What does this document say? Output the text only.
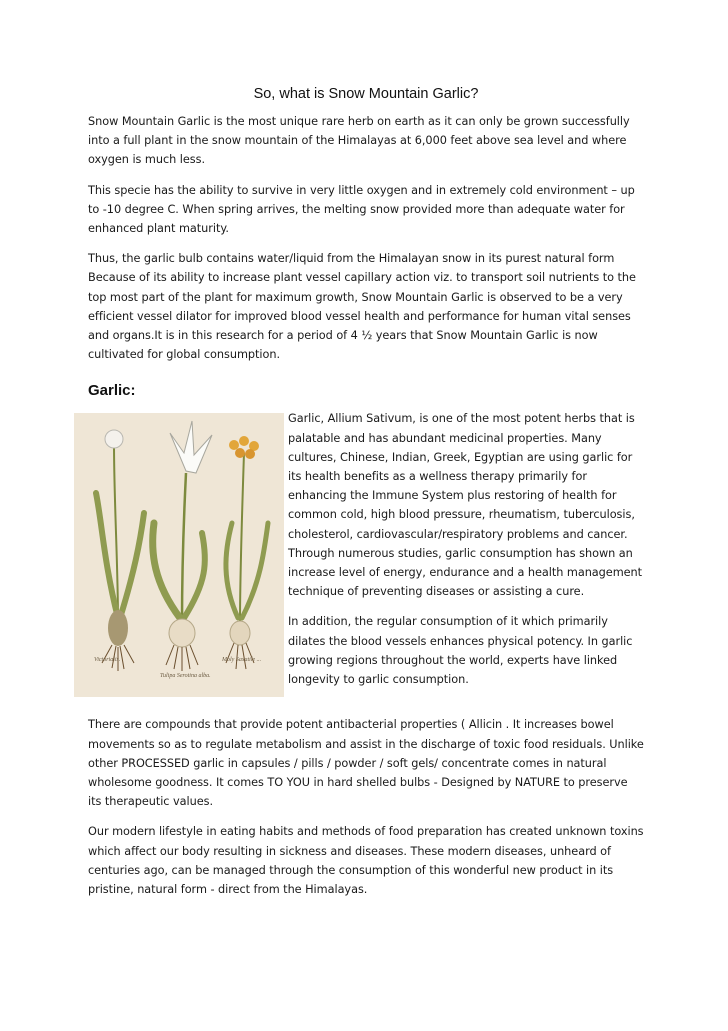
So, what is Snow Mountain Garlic?

Snow Mountain Garlic is the most unique rare herb on earth as it can only be grown successfully into a full plant in the snow mountain of the Himalayas at 6,000 feet above sea level and where oxygen is much less.

This specie has the ability to survive in very little oxygen and in extremely cold environment – up to -10 degree C. When spring arrives, the melting snow provided more than adequate water for enhanced plant maturity.

Thus, the garlic bulb contains water/liquid from the Himalayan snow in its purest natural form Because of its ability to increase plant vessel capillary action viz. to transport soil nutrients to the top most part of the plant for maximum growth, Snow Mountain Garlic is observed to be a very efficient vessel dilator for improved blood vessel health and performance for human vital senses and organs.It is in this research for a period of 4 ½ years that Snow Mountain Garlic is now cultivated for global consumption.

Garlic:
Victorialis.
Tulipa Serotina alba.
Moly Saxatile ...

Garlic, Allium Sativum, is one of the most potent herbs that is palatable and has abundant medicinal properties. Many cultures, Chinese, Indian, Greek, Egyptian are using garlic for its health benefits as a wellness therapy primarily for enhancing the Immune System plus restoring of health for common cold, high blood pressure, rheumatism, tuberculosis, cholesterol, cardiovascular/respiratory problems and cancer. Through numerous studies, garlic consumption has shown an increase level of energy, endurance and a health management technique of preventing diseases or assisting a cure.

In addition, the regular consumption of it which primarily dilates the blood vessels enhances physical potency. In garlic growing regions throughout the world, experts have linked longevity to garlic consumption.

There are compounds that provide potent antibacterial properties ( Allicin . It increases bowel movements so as to regulate metabolism and assist in the discharge of toxic food residuals. Unlike other PROCESSED garlic in capsules / pills / powder / soft gels/ concentrate comes in natural wholesome goodness. It comes TO YOU in hard shelled bulbs - Designed by NATURE to preserve its therapeutic values.

Our modern lifestyle in eating habits and methods of food preparation has created unknown toxins which affect our body resulting in sickness and diseases. These modern diseases, unheard of centuries ago, can be managed through the consumption of this wonderful new product in its pristine, natural form - direct from the Himalayas.
